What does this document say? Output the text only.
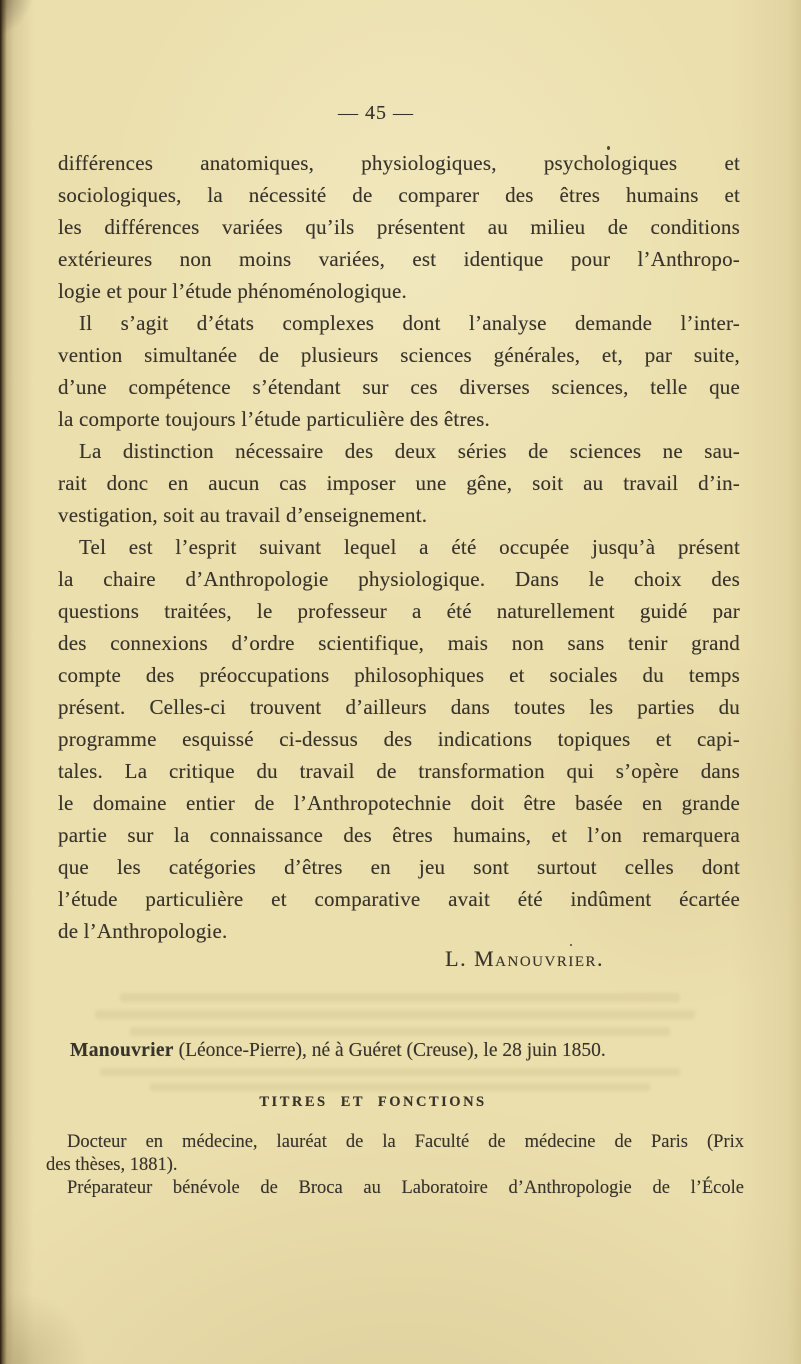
— 45 —
différences anatomiques, physiologiques, psychologiques et
sociologiques, la nécessité de comparer des êtres humains et
les différences variées qu’ils présentent au milieu de conditions
extérieures non moins variées, est identique pour l’Anthropo-
logie et pour l’étude phénoménologique.
Il s’agit d’états complexes dont l’analyse demande l’inter-
vention simultanée de plusieurs sciences générales, et, par suite,
d’une compétence s’étendant sur ces diverses sciences, telle que
la comporte toujours l’étude particulière des êtres.
La distinction nécessaire des deux séries de sciences ne sau-
rait donc en aucun cas imposer une gêne, soit au travail d’in-
vestigation, soit au travail d’enseignement.
Tel est l’esprit suivant lequel a été occupée jusqu’à présent
la chaire d’Anthropologie physiologique. Dans le choix des
questions traitées, le professeur a été naturellement guidé par
des connexions d’ordre scientifique, mais non sans tenir grand
compte des préoccupations philosophiques et sociales du temps
présent. Celles-ci trouvent d’ailleurs dans toutes les parties du
programme esquissé ci-dessus des indications topiques et capi-
tales. La critique du travail de transformation qui s’opère dans
le domaine entier de l’Anthropotechnie doit être basée en grande
partie sur la connaissance des êtres humains, et l’on remarquera
que les catégories d’êtres en jeu sont surtout celles dont
l’étude particulière et comparative avait été indûment écartée
de l’Anthropologie.
L. Manouvrier.
Manouvrier (Léonce-Pierre), né à Guéret (Creuse), le 28 juin 1850.
TITRES ET FONCTIONS
Docteur en médecine, lauréat de la Faculté de médecine de Paris (Prix
des thèses, 1881).
Préparateur bénévole de Broca au Laboratoire d’Anthropologie de l’École
